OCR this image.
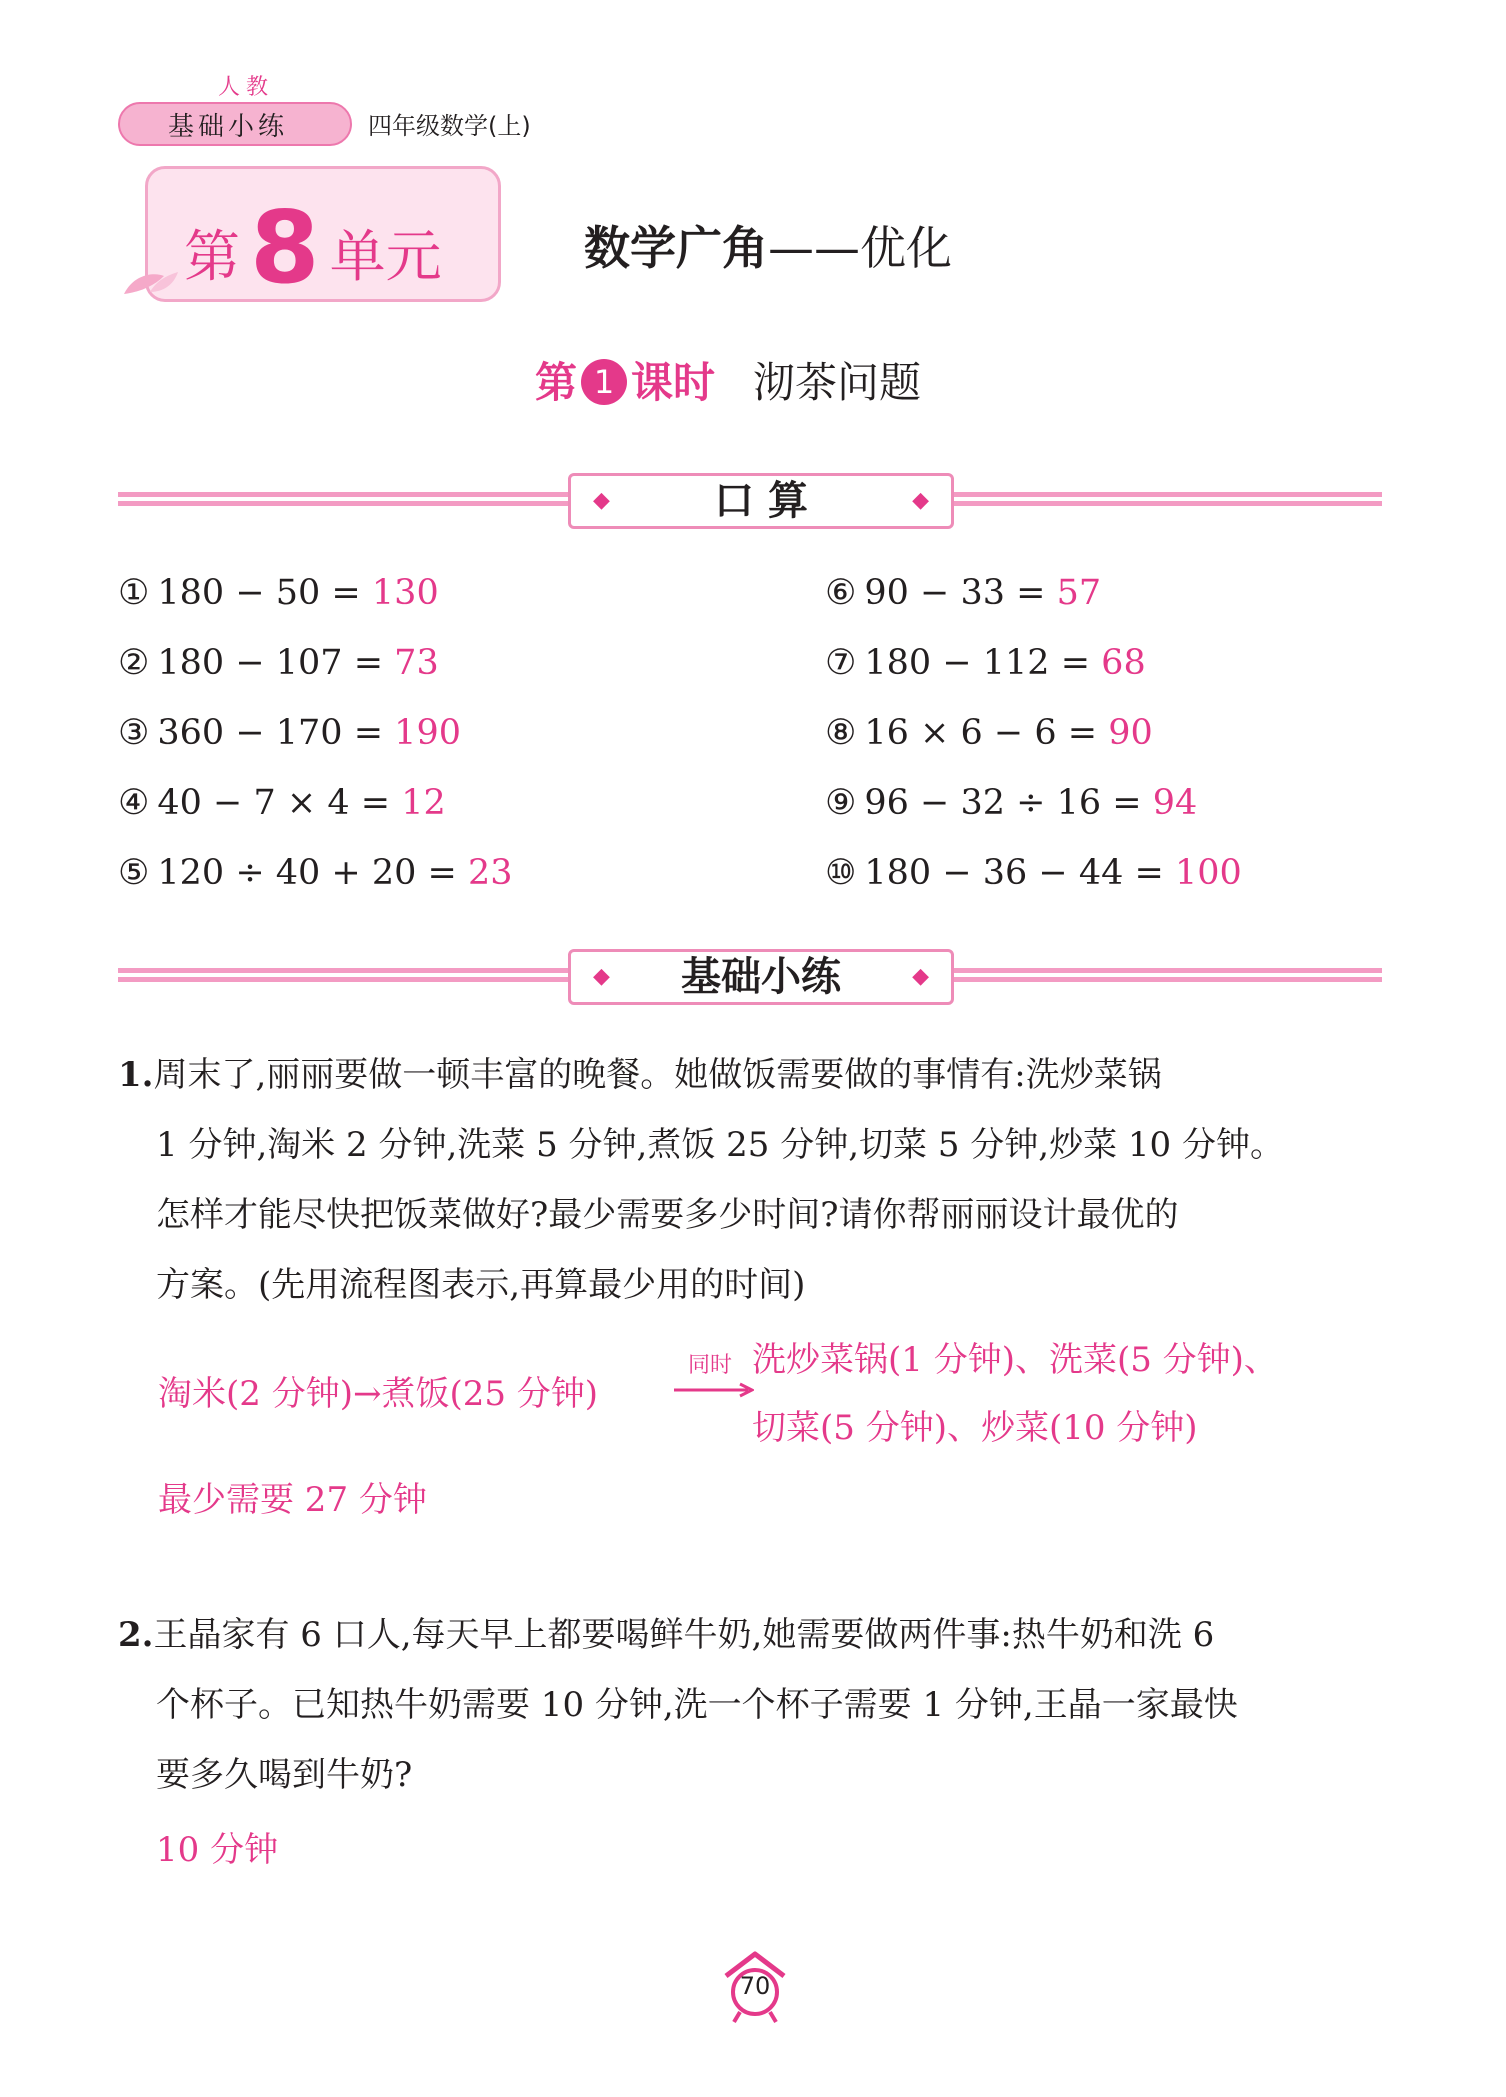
人教
基础小练	四年级数学(上)
第 8 单元	数学广角——优化
第 1 课时 沏茶问题
◆	口 算	◆
① 180 − 50 = 130
② 180 − 107 = 73
③ 360 − 170 = 190
④ 40 − 7 × 4 = 12
⑤ 120 ÷ 40 + 20 = 23
⑥ 90 − 33 = 57
⑦ 180 − 112 = 68
⑧ 16 × 6 − 6 = 90
⑨ 96 − 32 ÷ 16 = 94
⑩ 180 − 36 − 44 = 100
◆ 基础小练	◆
1.周末了,丽丽要做一顿丰富的晚餐。她做饭需要做的事情有:洗炒菜锅
1 分钟,淘米 2 分钟,洗菜 5 分钟,煮饭 25 分钟,切菜 5 分钟,炒菜 10 分钟。
怎样才能尽快把饭菜做好?最少需要多少时间?请你帮丽丽设计最优的
方案。(先用流程图表示,再算最少用的时间)
淘米(2 分钟)→煮饭(25 分钟)
同时 洗炒菜锅(1 分钟)、洗菜(5 分钟)、
切菜(5 分钟)、炒菜(10 分钟)
最少需要 27 分钟
2.王晶家有 6 口人,每天早上都要喝鲜牛奶,她需要做两件事:热牛奶和洗 6
个杯子。已知热牛奶需要 10 分钟,洗一个杯子需要 1 分钟,王晶一家最快
要多久喝到牛奶?
10 分钟
70
